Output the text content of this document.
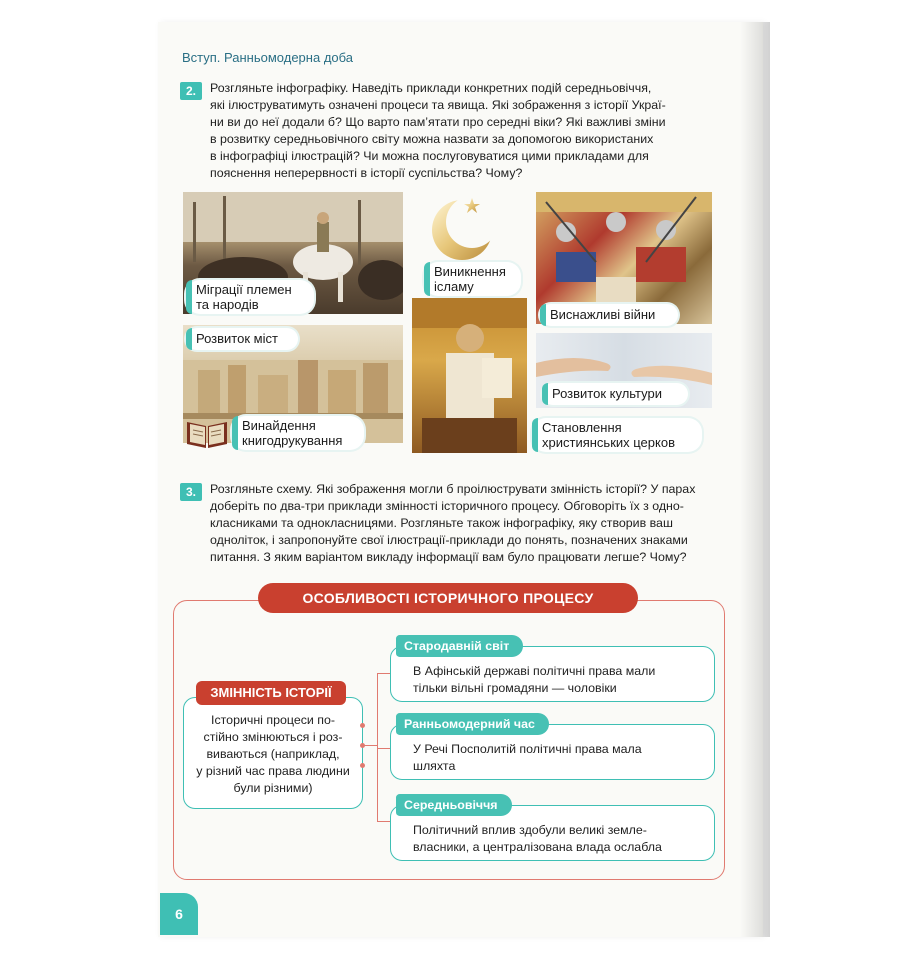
Вступ. Ранньомодерна доба
2.	Розгляньте інфографіку. Наведіть приклади конкретних подій середньовіччя,
які ілюструватимуть означені процеси та явища. Які зображення з історії Украї-
ни ви до неї додали б? Що варто пам’ятати про середні віки? Які важливі зміни
в розвитку середньовічного світу можна назвати за допомогою використаних
в інфографіці ілюстрацій? Чи можна послуговуватися цими прикладами для
пояснення неперервності в історії суспільства? Чому?
Міграції племен
та народів
Виникнення
ісламу
Виснажливі війни
Розвиток міст
Розвиток культури
Становлення
християнських церков
Винайдення
книгодрукування
3.	Розгляньте схему. Які зображення могли б проілюструвати змінність історії? У парах
доберіть по два-три приклади змінності історичного процесу. Обговоріть їх з одно-
класниками та однокласницями. Розгляньте також інфографіку, яку створив ваш
одноліток, і запропонуйте свої ілюстрації-приклади до понять, позначених знаками
питання. З яким варіантом викладу інформації вам було працювати легше? Чому?
ОСОБЛИВОСТІ ІСТОРИЧНОГО ПРОЦЕСУ
Історичні процеси по-
стійно змінюються і роз-
виваються (наприклад,
у різний час права людини
були різними)
ЗМІННІСТЬ ІСТОРІЇ
В Афінській державі політичні права мали
тільки вільні громадяни — чоловіки
Стародавній світ
У Речі Посполитій політичні права мала
шляхта
Ранньомодерний час
Політичний вплив здобули великі земле-
власники, а централізована влада ослабла
Середньовіччя
6
